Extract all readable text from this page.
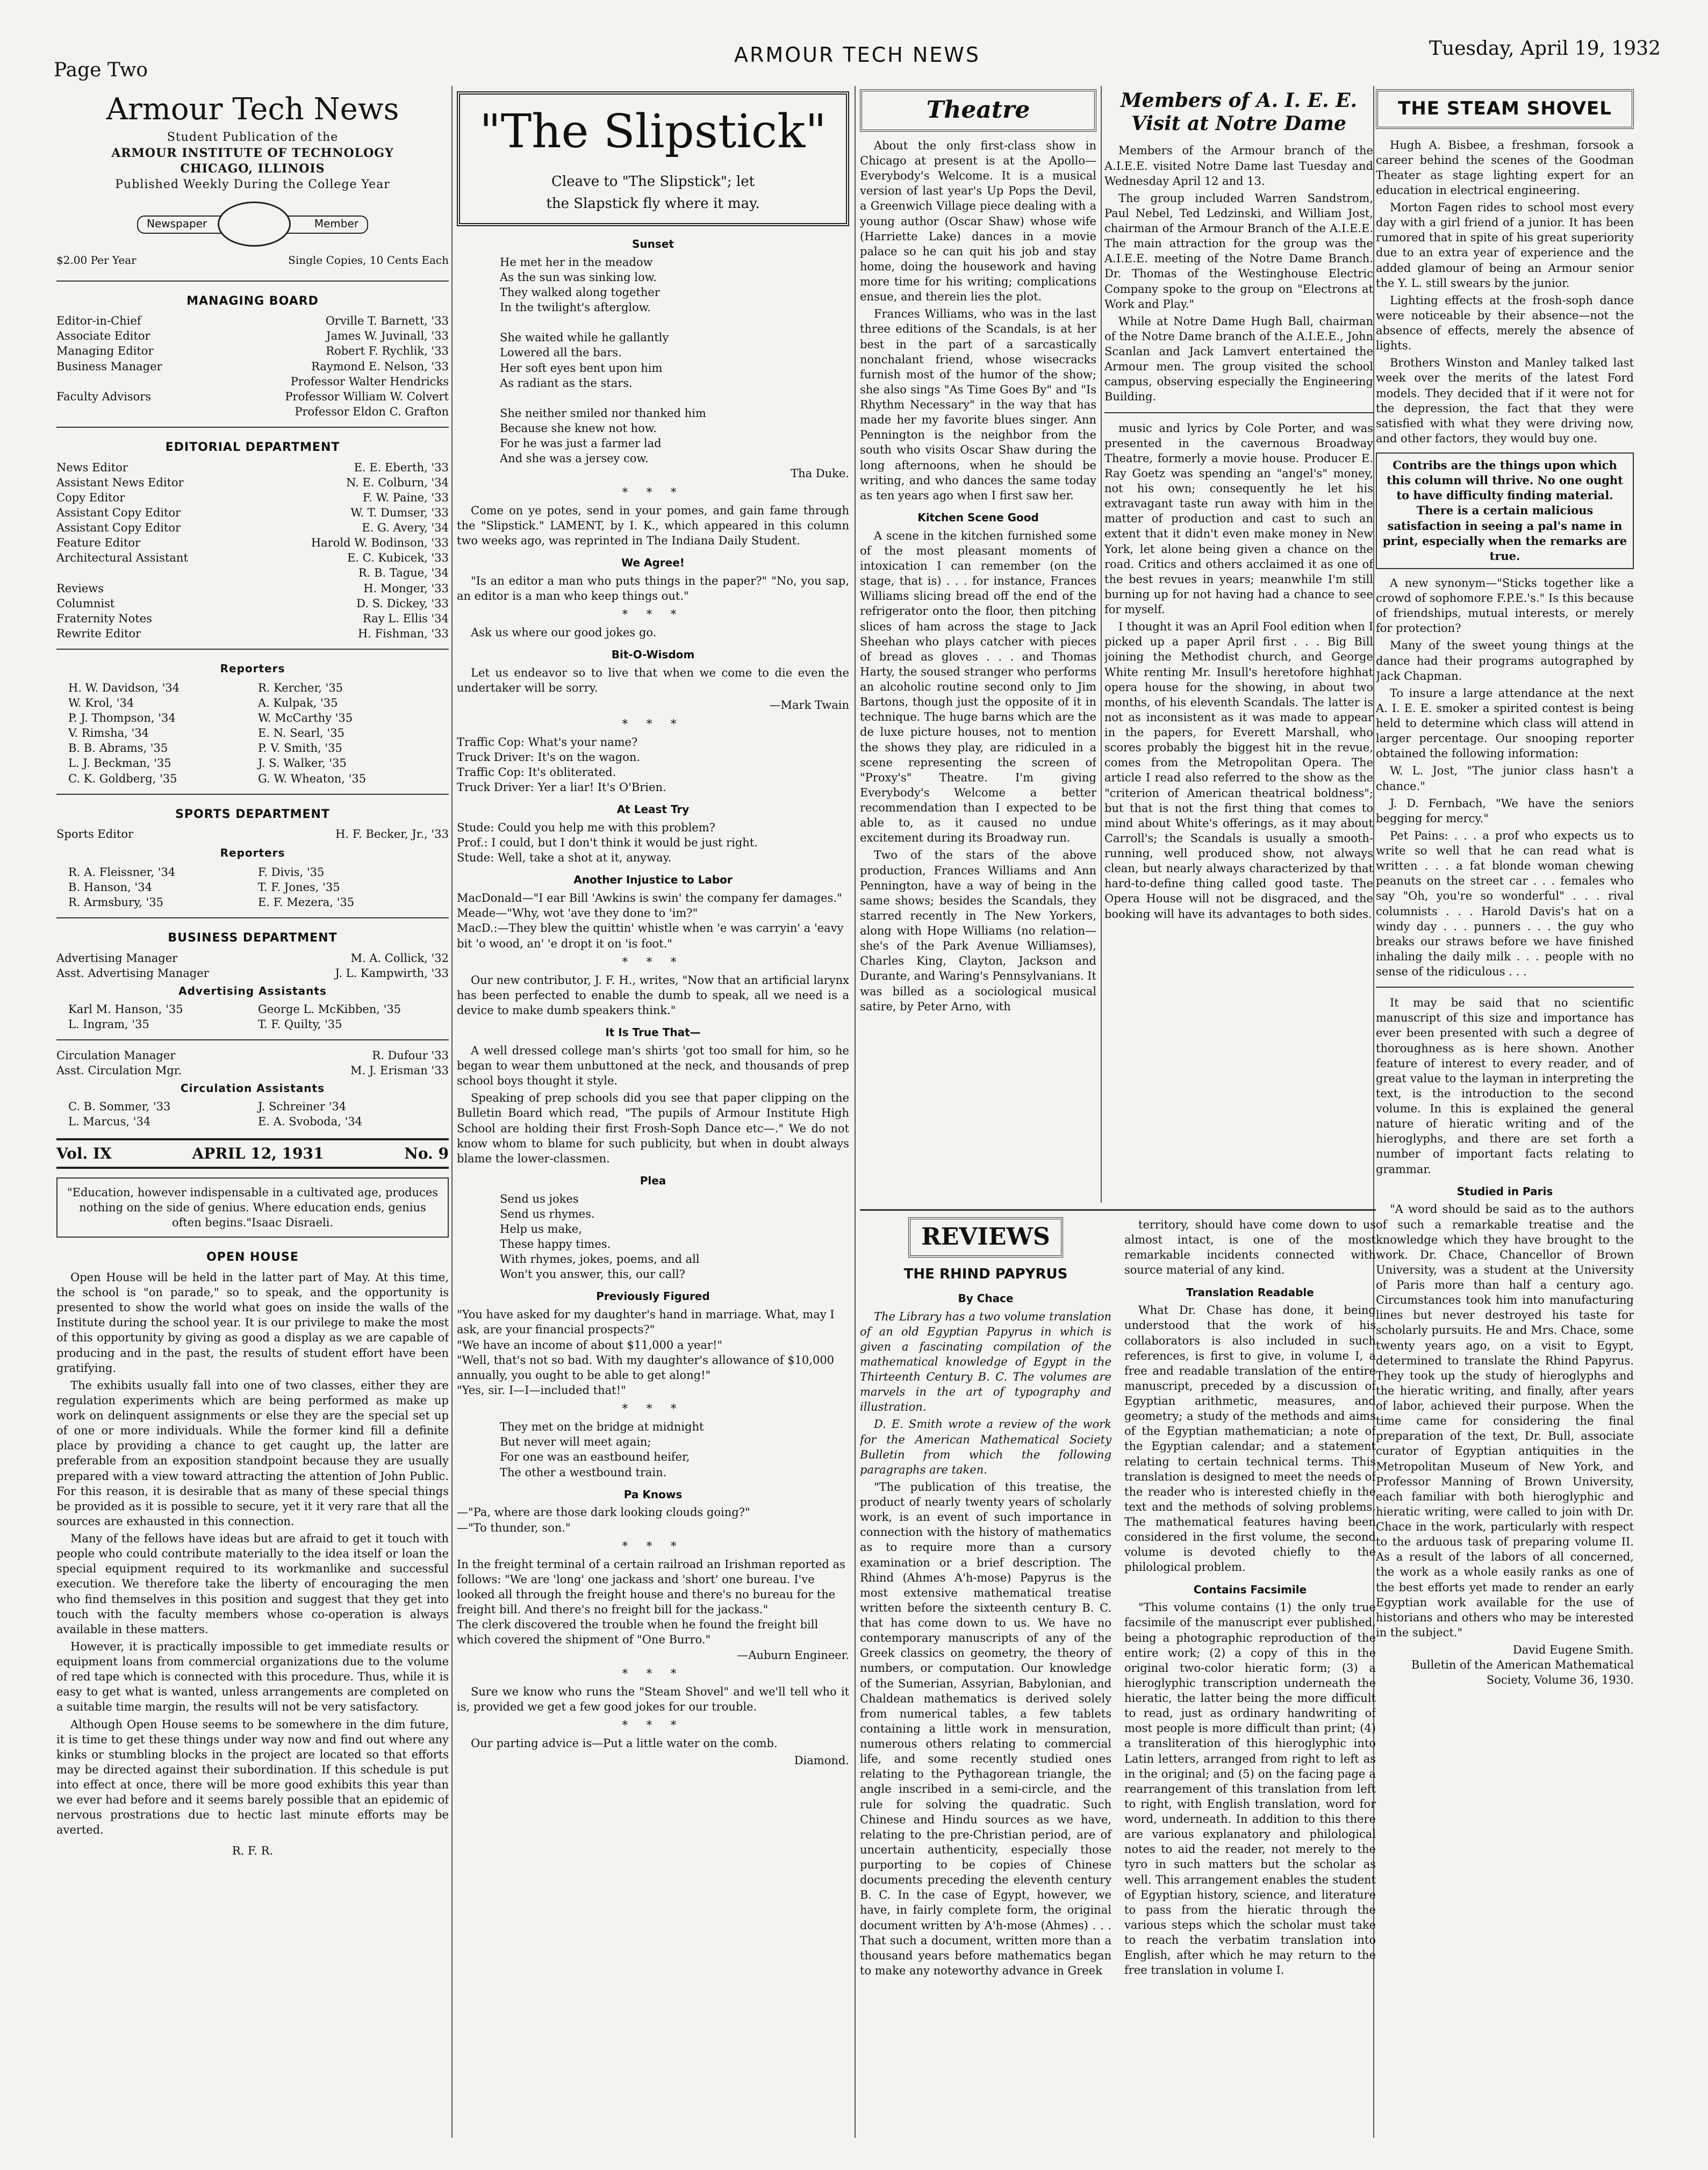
Page Two
ARMOUR TECH NEWS	Tuesday, April 19, 1932
Armour Tech News
Student Publication of the
ARMOUR INSTITUTE OF TECHNOLOGY
CHICAGO, ILLINOIS
Published Weekly During the College Year
Newspaper	Member
$2.00 Per Year	Single Copies, 10 Cents Each
MANAGING BOARD
Editor-in-Chief	Orville T. Barnett, '33
Associate Editor	James W. Juvinall, '33
Managing Editor	Robert F. Rychlik, '33
Business Manager	Raymond E. Nelson, '33
Professor Walter Hendricks
Faculty Advisors	Professor William W. Colvert
Professor Eldon C. Grafton
EDITORIAL DEPARTMENT
News Editor	E. E. Eberth, '33
Assistant News Editor	N. E. Colburn, '34
Copy Editor	F. W. Paine, '33
Assistant Copy Editor	W. T. Dumser, '33
Assistant Copy Editor	E. G. Avery, '34
Feature Editor	Harold W. Bodinson, '33
Architectural Assistant	E. C. Kubicek, '33
R. B. Tague, '34
Reviews	H. Monger, '33
Columnist	D. S. Dickey, '33
Fraternity Notes	Ray L. Ellis '34
Rewrite Editor	H. Fishman, '33
Reporters
H. W. Davidson, '34	R. Kercher, '35
W. Krol, '34	A. Kulpak, '35
P. J. Thompson, '34	W. McCarthy '35
V. Rimsha, '34	E. N. Searl, '35
B. B. Abrams, '35	P. V. Smith, '35
L. J. Beckman, '35	J. S. Walker, '35
C. K. Goldberg, '35	G. W. Wheaton, '35
SPORTS DEPARTMENT
Sports Editor	H. F. Becker, Jr., '33
Reporters
R. A. Fleissner, '34	F. Divis, '35
B. Hanson, '34	T. F. Jones, '35
R. Armsbury, '35	E. F. Mezera, '35
BUSINESS DEPARTMENT
Advertising Manager	M. A. Collick, '32
Asst. Advertising Manager	J. L. Kampwirth, '33
Advertising Assistants
Karl M. Hanson, '35	George L. McKibben, '35
L. Ingram, '35	T. F. Quilty, '35
Circulation Manager	R. Dufour '33
Asst. Circulation Mgr.	M. J. Erisman '33
Circulation Assistants
C. B. Sommer, '33	J. Schreiner '34
L. Marcus, '34	E. A. Svoboda, '34
Vol. IX	APRIL 12, 1931	No. 9
"Education, however indispensable in a cultivated age, produces nothing on the side of genius. Where education ends, genius often begins."Isaac Disraeli.
OPEN HOUSE

Open House will be held in the latter part of May. At this time, the school is "on parade," so to speak, and the opportunity is presented to show the world what goes on inside the walls of the Institute during the school year. It is our privilege to make the most of this opportunity by giving as good a display as we are capable of producing and in the past, the results of student effort have been gratifying.

The exhibits usually fall into one of two classes, either they are regulation experiments which are being performed as make up work on delinquent assignments or else they are the special set up of one or more individuals. While the former kind fill a definite place by providing a chance to get caught up, the latter are preferable from an exposition standpoint because they are usually prepared with a view toward attracting the attention of John Public. For this reason, it is desirable that as many of these special things be provided as it is possible to secure, yet it it very rare that all the sources are exhausted in this connection.

Many of the fellows have ideas but are afraid to get it touch with people who could contribute materially to the idea itself or loan the special equipment required to its workmanlike and successful execution. We therefore take the liberty of encouraging the men who find themselves in this position and suggest that they get into touch with the faculty members whose co-operation is always available in these matters.

However, it is practically impossible to get immediate results or equipment loans from commercial organizations due to the volume of red tape which is connected with this procedure. Thus, while it is easy to get what is wanted, unless arrangements are completed on a suitable time margin, the results will not be very satisfactory.

Although Open House seems to be somewhere in the dim future, it is time to get these things under way now and find out where any kinks or stumbling blocks in the project are located so that efforts may be directed against their subordination. If this schedule is put into effect at once, there will be more good exhibits this year than we ever had before and it seems barely possible that an epidemic of nervous prostrations due to hectic last minute efforts may be averted.

R. F. R.
"The Slipstick"
Cleave to "The Slipstick"; let
the Slapstick fly where it may.
Sunset
He met her in the meadow
As the sun was sinking low.
They walked along together
In the twilight's afterglow.

She waited while he gallantly
Lowered all the bars.
Her soft eyes bent upon him
As radiant as the stars.

She neither smiled nor thanked him
Because she knew not how.
For he was just a farmer lad
And she was a jersey cow.
Tha Duke.
* * *

Come on ye potes, send in your pomes, and gain fame through the "Slipstick." LAMENT, by I. K., which appeared in this column two weeks ago, was reprinted in The Indiana Daily Student.

We Agree!

"Is an editor a man who puts things in the paper?" "No, you sap, an editor is a man who keep things out."

* * *

Ask us where our good jokes go.

Bit-O-Wisdom

Let us endeavor so to live that when we come to die even the undertaker will be sorry.

—Mark Twain
* * *
Traffic Cop: What's your name?
Truck Driver: It's on the wagon.
Traffic Cop: It's obliterated.
Truck Driver: Yer a liar! It's O'Brien.
At Least Try
Stude: Could you help me with this problem?
Prof.: I could, but I don't think it would be just right.
Stude: Well, take a shot at it, anyway.
Another Injustice to Labor
MacDonald—"I ear Bill 'Awkins is swin' the company fer damages."
Meade—"Why, wot 'ave they done to 'im?"
MacD.:—They blew the quittin' whistle when 'e was carryin' a 'eavy bit 'o wood, an' 'e dropt it on 'is foot."
* * *

Our new contributor, J. F. H., writes, "Now that an artificial larynx has been perfected to enable the dumb to speak, all we need is a device to make dumb speakers think."

It Is True That—

A well dressed college man's shirts 'got too small for him, so he began to wear them unbuttoned at the neck, and thousands of prep school boys thought it style.

Speaking of prep schools did you see that paper clipping on the Bulletin Board which read, "The pupils of Armour Institute High School are holding their first Frosh-Soph Dance etc—." We do not know whom to blame for such publicity, but when in doubt always blame the lower-classmen.

Plea
Send us jokes
Send us rhymes.
Help us make,
These happy times.
With rhymes, jokes, poems, and all
Won't you answer, this, our call?
Previously Figured
"You have asked for my daughter's hand in marriage. What, may I ask, are your financial prospects?"
"We have an income of about $11,000 a year!"
"Well, that's not so bad. With my daughter's allowance of $10,000 annually, you ought to be able to get along!"
"Yes, sir. I—I—included that!"
* * *
They met on the bridge at midnight
But never will meet again;
For one was an eastbound heifer,
The other a westbound train.
Pa Knows
—"Pa, where are those dark looking clouds going?"
—"To thunder, son."
* * *
In the freight terminal of a certain railroad an Irishman reported as follows: "We are 'long' one jackass and 'short' one bureau. I've looked all through the freight house and there's no bureau for the freight bill. And there's no freight bill for the jackass."
The clerk discovered the trouble when he found the freight bill which covered the shipment of "One Burro."
—Auburn Engineer.
* * *

Sure we know who runs the "Steam Shovel" and we'll tell who it is, provided we get a few good jokes for our trouble.

* * *

Our parting advice is—Put a little water on the comb.

Diamond.
Theatre

About the only first-class show in Chicago at present is at the Apollo—Everybody's Welcome. It is a musical version of last year's Up Pops the Devil, a Greenwich Village piece dealing with a young author (Oscar Shaw) whose wife (Harriette Lake) dances in a movie palace so he can quit his job and stay home, doing the housework and having more time for his writing; complications ensue, and therein lies the plot.

Frances Williams, who was in the last three editions of the Scandals, is at her best in the part of a sarcastically nonchalant friend, whose wisecracks furnish most of the humor of the show; she also sings "As Time Goes By" and "Is Rhythm Necessary" in the way that has made her my favorite blues singer. Ann Pennington is the neighbor from the south who visits Oscar Shaw during the long afternoons, when he should be writing, and who dances the same today as ten years ago when I first saw her.

Kitchen Scene Good

A scene in the kitchen furnished some of the most pleasant moments of intoxication I can remember (on the stage, that is) . . . for instance, Frances Williams slicing bread off the end of the refrigerator onto the floor, then pitching slices of ham across the stage to Jack Sheehan who plays catcher with pieces of bread as gloves . . . and Thomas Harty, the soused stranger who performs an alcoholic routine second only to Jim Bartons, though just the opposite of it in technique. The huge barns which are the de luxe picture houses, not to mention the shows they play, are ridiculed in a scene representing the screen of "Proxy's" Theatre. I'm giving Everybody's Welcome a better recommendation than I expected to be able to, as it caused no undue excitement during its Broadway run.

Two of the stars of the above production, Frances Williams and Ann Pennington, have a way of being in the same shows; besides the Scandals, they starred recently in The New Yorkers, along with Hope Williams (no relation—she's of the Park Avenue Williamses), Charles King, Clayton, Jackson and Durante, and Waring's Pennsylvanians. It was billed as a sociological musical satire, by Peter Arno, with

Members of A. I. E. E.
Visit at Notre Dame

Members of the Armour branch of the A.I.E.E. visited Notre Dame last Tuesday and Wednesday April 12 and 13.

The group included Warren Sandstrom, Paul Nebel, Ted Ledzinski, and William Jost, chairman of the Armour Branch of the A.I.E.E. The main attraction for the group was the A.I.E.E. meeting of the Notre Dame Branch. Dr. Thomas of the Westinghouse Electric Company spoke to the group on "Electrons at Work and Play."

While at Notre Dame Hugh Ball, chairman of the Notre Dame branch of the A.I.E.E., John Scanlan and Jack Lamvert entertained the Armour men. The group visited the school campus, observing especially the Engineering Building.

music and lyrics by Cole Porter, and was presented in the cavernous Broadway Theatre, formerly a movie house. Producer E. Ray Goetz was spending an "angel's" money, not his own; consequently he let his extravagant taste run away with him in the matter of production and cast to such an extent that it didn't even make money in New York, let alone being given a chance on the road. Critics and others acclaimed it as one of the best revues in years; meanwhile I'm still burning up for not having had a chance to see for myself.

I thought it was an April Fool edition when I picked up a paper April first . . . Big Bill joining the Methodist church, and George White renting Mr. Insull's heretofore highhat opera house for the showing, in about two months, of his eleventh Scandals. The latter is not as inconsistent as it was made to appear in the papers, for Everett Marshall, who scores probably the biggest hit in the revue, comes from the Metropolitan Opera. The article I read also referred to the show as the "criterion of American theatrical boldness"; but that is not the first thing that comes to mind about White's offerings, as it may about Carroll's; the Scandals is usually a smooth-running, well produced show, not always clean, but nearly always characterized by that hard-to-define thing called good taste. The Opera House will not be disgraced, and the booking will have its advantages to both sides.

REVIEWS
THE RHIND PAPYRUS
By Chace

The Library has a two volume translation of an old Egyptian Papyrus in which is given a fascinating compilation of the mathematical knowledge of Egypt in the Thirteenth Century B. C. The volumes are marvels in the art of typography and illustration.

D. E. Smith wrote a review of the work for the American Mathematical Society Bulletin from which the following paragraphs are taken.

"The publication of this treatise, the product of nearly twenty years of scholarly work, is an event of such importance in connection with the history of mathematics as to require more than a cursory examination or a brief description. The Rhind (Ahmes A'h-mose) Papyrus is the most extensive mathematical treatise written before the sixteenth century B. C. that has come down to us. We have no contemporary manuscripts of any of the Greek classics on geometry, the theory of numbers, or computation. Our knowledge of the Sumerian, Assyrian, Babylonian, and Chaldean mathematics is derived solely from numerical tables, a few tablets containing a little work in mensuration, numerous others relating to commercial life, and some recently studied ones relating to the Pythagorean triangle, the angle inscribed in a semi-circle, and the rule for solving the quadratic. Such Chinese and Hindu sources as we have, relating to the pre-Christian period, are of uncertain authenticity, especially those purporting to be copies of Chinese documents preceding the eleventh century B. C. In the case of Egypt, however, we have, in fairly complete form, the original document written by A'h-mose (Ahmes) . . . That such a document, written more than a thousand years before mathematics began to make any noteworthy advance in Greek

territory, should have come down to us almost intact, is one of the most remarkable incidents connected with source material of any kind.

Translation Readable

What Dr. Chase has done, it being understood that the work of his collaborators is also included in such references, is first to give, in volume I, a free and readable translation of the entire manuscript, preceded by a discussion of Egyptian arithmetic, measures, and geometry; a study of the methods and aims of the Egyptian mathematician; a note of the Egyptian calendar; and a statement relating to certain technical terms. This translation is designed to meet the needs of the reader who is interested chiefly in the text and the methods of solving problems. The mathematical features having been considered in the first volume, the second volume is devoted chiefly to the philological problem.

Contains Facsimile

"This volume contains (1) the only true facsimile of the manuscript ever published, being a photographic reproduction of the entire work; (2) a copy of this in the original two-color hieratic form; (3) a hieroglyphic transcription underneath the hieratic, the latter being the more difficult to read, just as ordinary handwriting of most people is more difficult than print; (4) a transliteration of this hieroglyphic into Latin letters, arranged from right to left as in the original; and (5) on the facing page a rearrangement of this translation from left to right, with English translation, word for word, underneath. In addition to this there are various explanatory and philological notes to aid the reader, not merely to the tyro in such matters but the scholar as well. This arrangement enables the student of Egyptian history, science, and literature to pass from the hieratic through the various steps which the scholar must take to reach the verbatim translation into English, after which he may return to the free translation in volume I.

THE STEAM SHOVEL

Hugh A. Bisbee, a freshman, forsook a career behind the scenes of the Goodman Theater as stage lighting expert for an education in electrical engineering.

Morton Fagen rides to school most every day with a girl friend of a junior. It has been rumored that in spite of his great superiority due to an extra year of experience and the added glamour of being an Armour senior the Y. L. still swears by the junior.

Lighting effects at the frosh-soph dance were noticeable by their absence—not the absence of effects, merely the absence of lights.

Brothers Winston and Manley talked last week over the merits of the latest Ford models. They decided that if it were not for the depression, the fact that they were satisfied with what they were driving now, and other factors, they would buy one.

Contribs are the things upon which this column will thrive. No one ought to have difficulty finding material. There is a certain malicious satisfaction in seeing a pal's name in print, especially when the remarks are true.

A new synonym—"Sticks together like a crowd of sophomore F.P.E.'s." Is this because of friendships, mutual interests, or merely for protection?

Many of the sweet young things at the dance had their programs autographed by Jack Chapman.

To insure a large attendance at the next A. I. E. E. smoker a spirited contest is being held to determine which class will attend in larger percentage. Our snooping reporter obtained the following information:

W. L. Jost, "The junior class hasn't a chance."

J. D. Fernbach, "We have the seniors begging for mercy."

Pet Pains: . . . a prof who expects us to write so well that he can read what is written . . . a fat blonde woman chewing peanuts on the street car . . . females who say "Oh, you're so wonderful" . . . rival columnists . . . Harold Davis's hat on a windy day . . . punners . . . the guy who breaks our straws before we have finished inhaling the daily milk . . . people with no sense of the ridiculous . . .

It may be said that no scientific manuscript of this size and importance has ever been presented with such a degree of thoroughness as is here shown. Another feature of interest to every reader, and of great value to the layman in interpreting the text, is the introduction to the second volume. In this is explained the general nature of hieratic writing and of the hieroglyphs, and there are set forth a number of important facts relating to grammar.

Studied in Paris

"A word should be said as to the authors of such a remarkable treatise and the knowledge which they have brought to the work. Dr. Chace, Chancellor of Brown University, was a student at the University of Paris more than half a century ago. Circumstances took him into manufacturing lines but never destroyed his taste for scholarly pursuits. He and Mrs. Chace, some twenty years ago, on a visit to Egypt, determined to translate the Rhind Papyrus. They took up the study of hieroglyphs and the hieratic writing, and finally, after years of labor, achieved their purpose. When the time came for considering the final preparation of the text, Dr. Bull, associate curator of Egyptian antiquities in the Metropolitan Museum of New York, and Professor Manning of Brown University, each familiar with both hieroglyphic and hieratic writing, were called to join with Dr. Chace in the work, particularly with respect to the arduous task of preparing volume II. As a result of the labors of all concerned, the work as a whole easily ranks as one of the best efforts yet made to render an early Egyptian work available for the use of historians and others who may be interested in the subject."

David Eugene Smith.
Bulletin of the American Mathematical Society, Volume 36, 1930.
